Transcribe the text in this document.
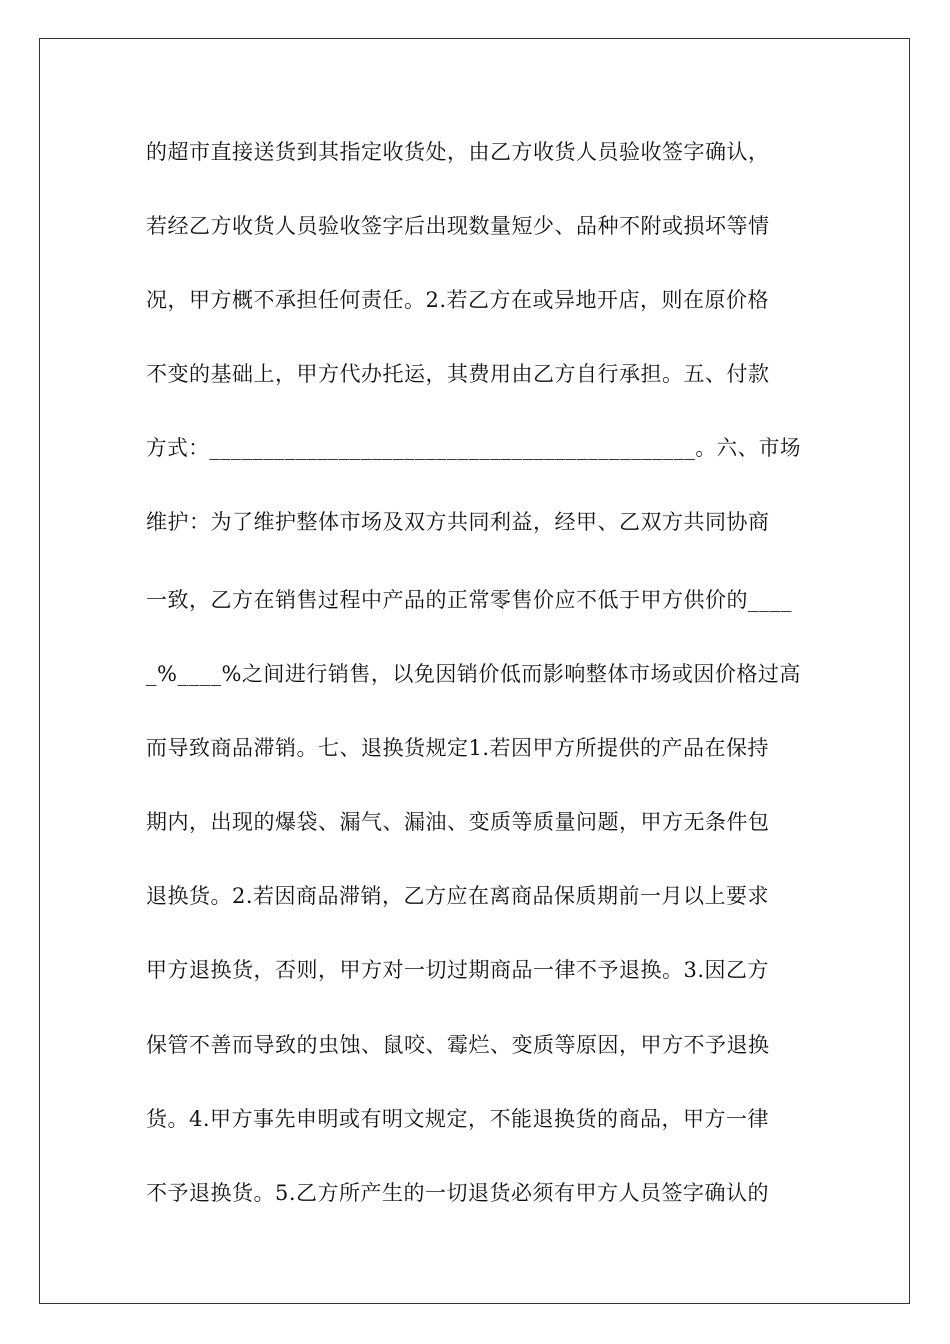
的超市直接送货到其指定收货处，由乙方收货人员验收签字确认，
若经乙方收货人员验收签字后出现数量短少、品种不附或损坏等情
况，甲方概不承担任何责任。2.若乙方在或异地开店，则在原价格
不变的基础上，甲方代办托运，其费用由乙方自行承担。五、付款
方式：_____________________________________________。六、市场
维护：为了维护整体市场及双方共同利益，经甲、乙双方共同协商
一致，乙方在销售过程中产品的正常零售价应不低于甲方供价的____
_%____%之间进行销售，以免因销价低而影响整体市场或因价格过高
而导致商品滞销。七、退换货规定1.若因甲方所提供的产品在保持
期内，出现的爆袋、漏气、漏油、变质等质量问题，甲方无条件包
退换货。2.若因商品滞销，乙方应在离商品保质期前一月以上要求
甲方退换货，否则，甲方对一切过期商品一律不予退换。3.因乙方
保管不善而导致的虫蚀、鼠咬、霉烂、变质等原因，甲方不予退换
货。4.甲方事先申明或有明文规定，不能退换货的商品，甲方一律
不予退换货。5.乙方所产生的一切退货必须有甲方人员签字确认的
